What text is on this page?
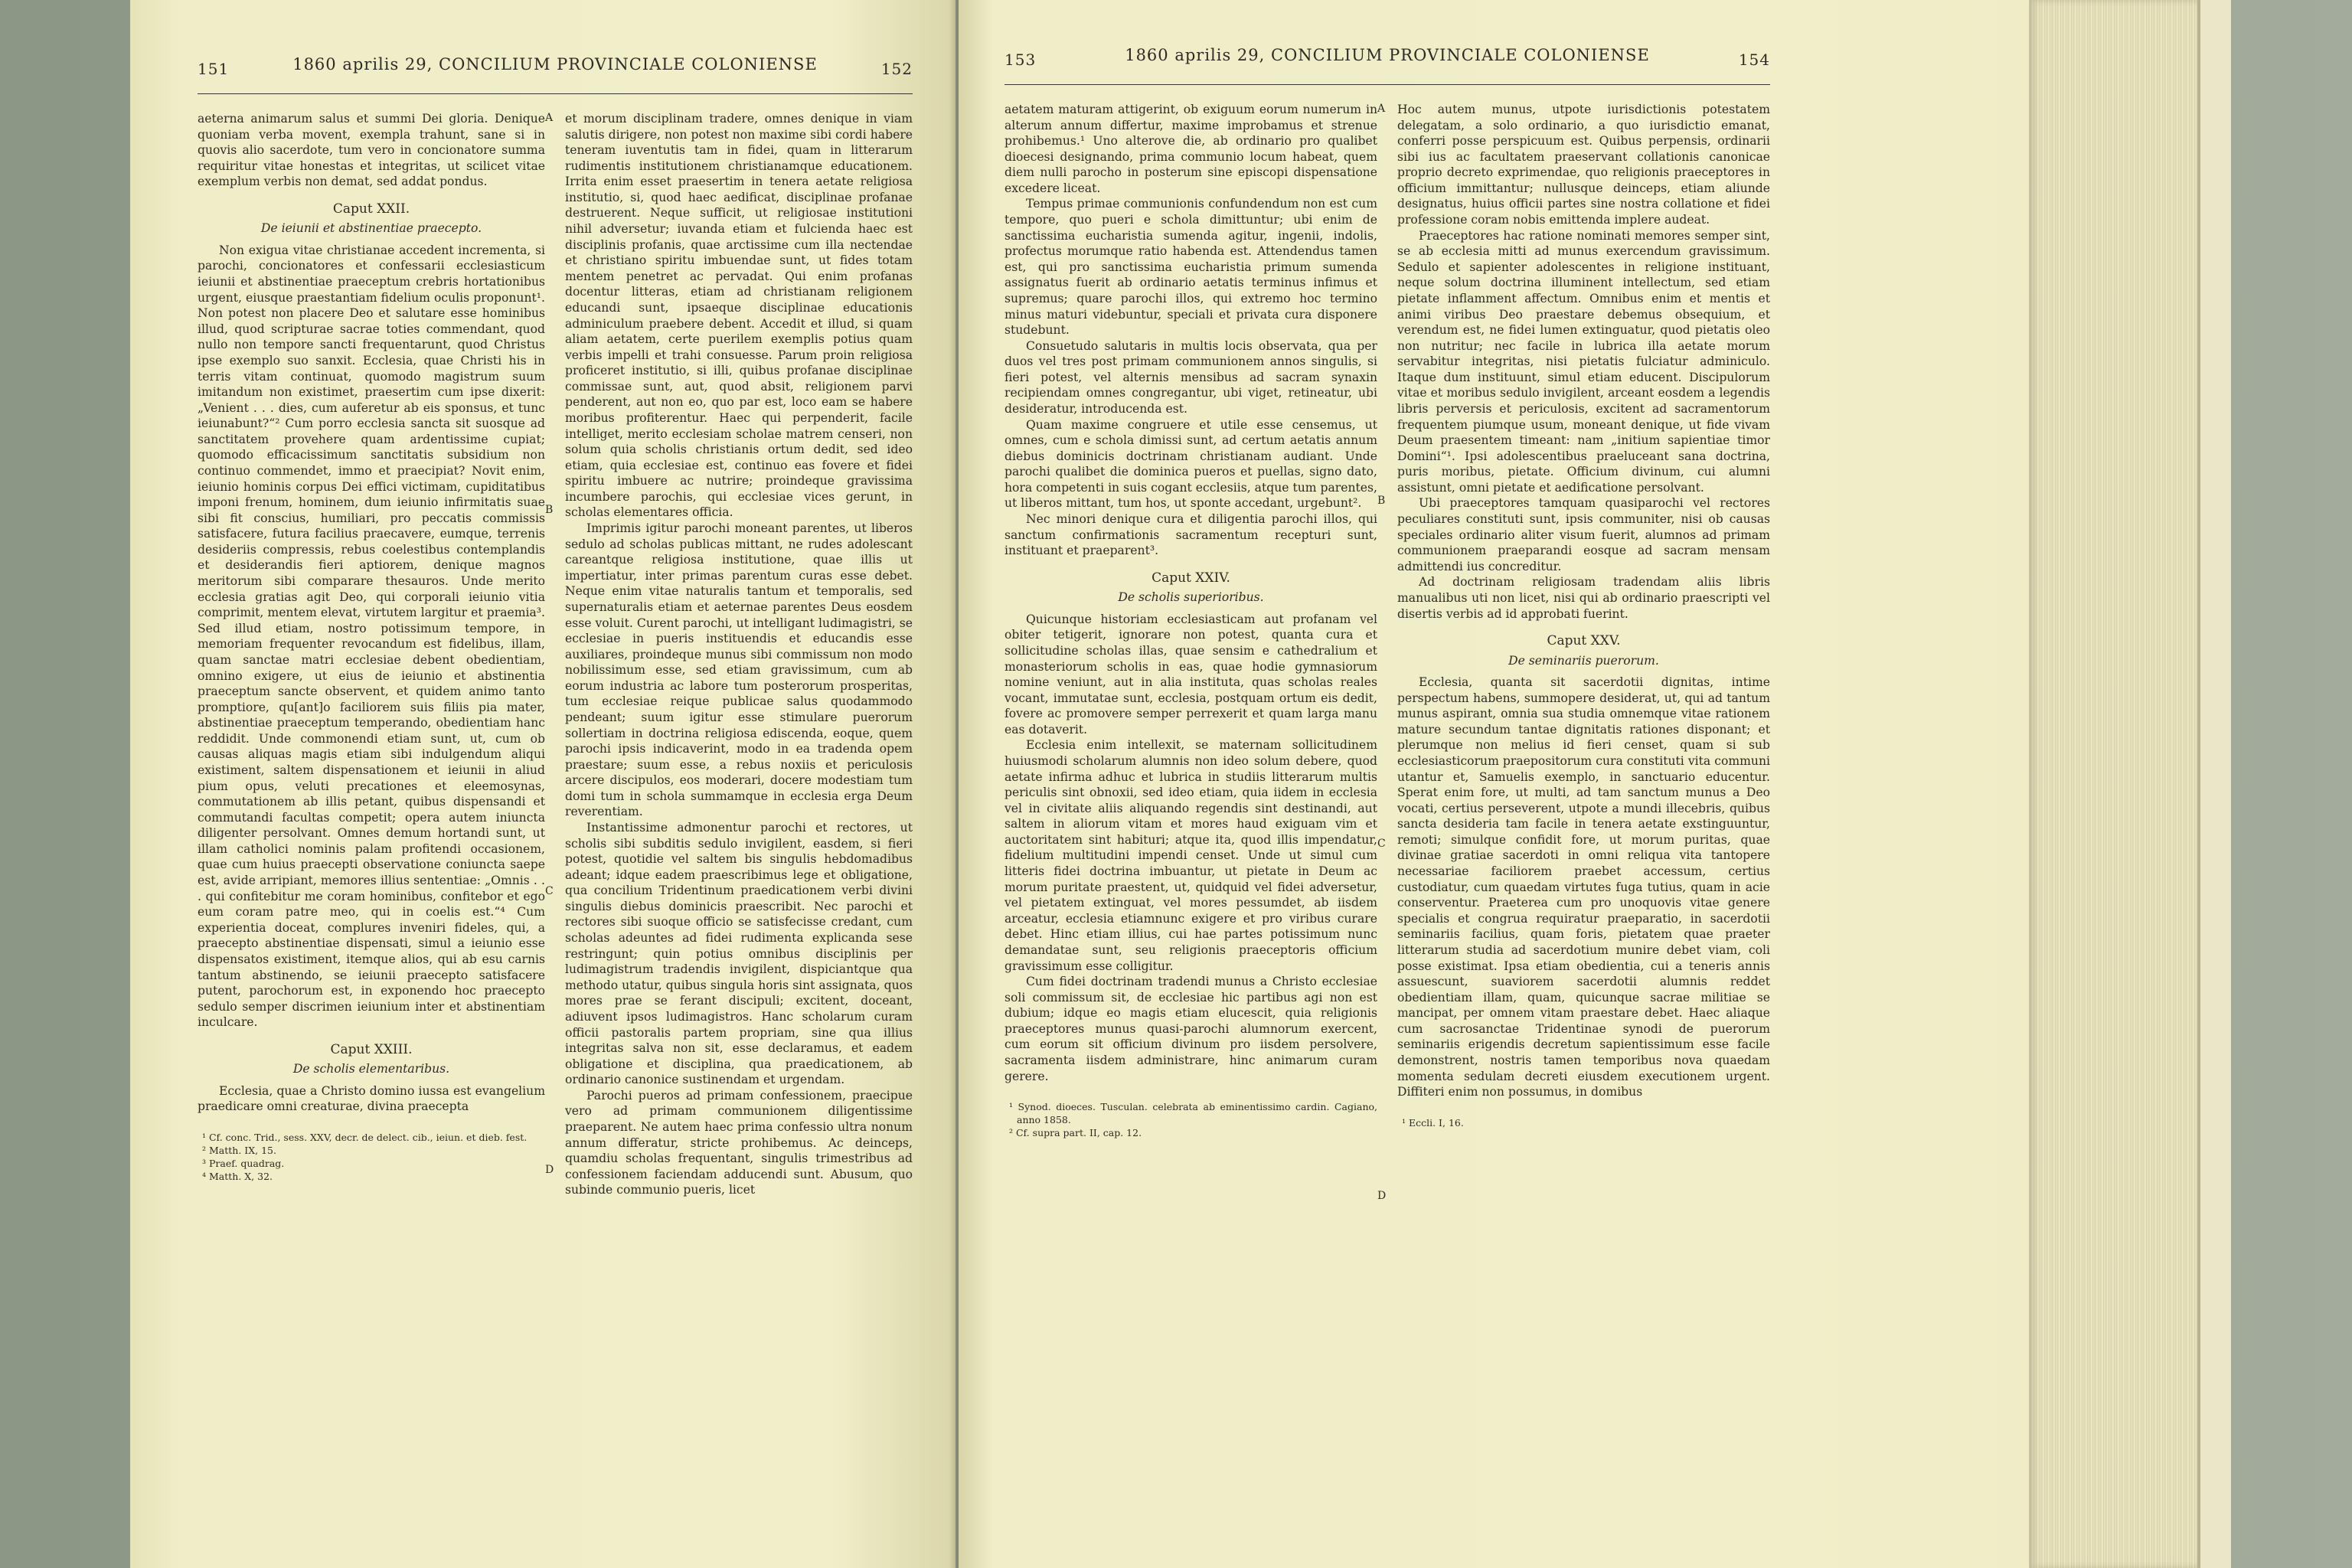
151	1860 aprilis 29, CONCILIUM PROVINCIALE COLONIENSE	152

aeterna animarum salus et summi Dei gloria. Denique quoniam verba movent, exempla trahunt, sane si in quovis alio sacerdote, tum vero in concionatore summa requiritur vitae honestas et integritas, ut scilicet vitae exemplum verbis non demat, sed addat pondus.

Caput XXII.
De ieiunii et abstinentiae praecepto.

Non exigua vitae christianae accedent incrementa, si parochi, concionatores et confessarii ecclesiasticum ieiunii et abstinentiae praeceptum crebris hortationibus urgent, eiusque praestantiam fidelium oculis proponunt¹. Non potest non placere Deo et salutare esse hominibus illud, quod scripturae sacrae toties commendant, quod nullo non tempore sancti frequentarunt, quod Christus ipse exemplo suo sanxit. Ecclesia, quae Christi his in terris vitam continuat, quomodo magistrum suum imitandum non existimet, praesertim cum ipse dixerit: „Venient . . . dies, cum auferetur ab eis sponsus, et tunc ieiunabunt?“² Cum porro ecclesia sancta sit suosque ad sanctitatem provehere quam ardentissime cupiat; quomodo efficacissimum sanctitatis subsidium non continuo commendet, immo et praecipiat? Novit enim, ieiunio hominis corpus Dei effici victimam, cupiditatibus imponi frenum, hominem, dum ieiunio infirmitatis suae sibi fit conscius, humiliari, pro peccatis commissis satisfacere, futura facilius praecavere, eumque, terrenis desideriis compressis, rebus coelestibus contemplandis et desiderandis fieri aptiorem, denique magnos meritorum sibi comparare thesauros. Unde merito ecclesia gratias agit Deo, qui corporali ieiunio vitia comprimit, mentem elevat, virtutem largitur et praemia³. Sed illud etiam, nostro potissimum tempore, in memoriam frequenter revocandum est fidelibus, illam, quam sanctae matri ecclesiae debent obedientiam, omnino exigere, ut eius de ieiunio et abstinentia praeceptum sancte observent, et quidem animo tanto promptiore, qu[ant]o faciliorem suis filiis pia mater, abstinentiae praeceptum temperando, obedientiam hanc reddidit. Unde commonendi etiam sunt, ut, cum ob causas aliquas magis etiam sibi indulgendum aliqui existiment, saltem dispensationem et ieiunii in aliud pium opus, veluti precationes et eleemosynas, commutationem ab illis petant, quibus dispensandi et commutandi facultas competit; opera autem iniuncta diligenter persolvant. Omnes demum hortandi sunt, ut illam catholici nominis palam profitendi occasionem, quae cum huius praecepti observatione coniuncta saepe est, avide arripiant, memores illius sententiae: „Omnis . . . qui confitebitur me coram hominibus, confitebor et ego eum coram patre meo, qui in coelis est.“⁴ Cum experientia doceat, complures inveniri fideles, qui, a praecepto abstinentiae dispensati, simul a ieiunio esse dispensatos existiment, itemque alios, qui ab esu carnis tantum abstinendo, se ieiunii praecepto satisfacere putent, parochorum est, in exponendo hoc praecepto sedulo semper discrimen ieiunium inter et abstinentiam inculcare.

Caput XXIII.
De scholis elementaribus.

Ecclesia, quae a Christo domino iussa est evangelium praedicare omni creaturae, divina praecepta

¹ Cf. conc. Trid., sess. XXV, decr. de delect. cib., ieiun. et dieb. fest.
² Matth. IX, 15.
³ Praef. quadrag.
⁴ Matth. X, 32.
A
B
C
D

et morum disciplinam tradere, omnes denique in viam salutis dirigere, non potest non maxime sibi cordi habere teneram iuventutis tam in fidei, quam in litterarum rudimentis institutionem christianamque educationem. Irrita enim esset praesertim in tenera aetate religiosa institutio, si, quod haec aedificat, disciplinae profanae destruerent. Neque sufficit, ut religiosae institutioni nihil adversetur; iuvanda etiam et fulcienda haec est disciplinis profanis, quae arctissime cum illa nectendae et christiano spiritu imbuendae sunt, ut fides totam mentem penetret ac pervadat. Qui enim profanas docentur litteras, etiam ad christianam religionem educandi sunt, ipsaeque disciplinae educationis adminiculum praebere debent. Accedit et illud, si quam aliam aetatem, certe puerilem exemplis potius quam verbis impelli et trahi consuesse. Parum proin religiosa proficeret institutio, si illi, quibus profanae disciplinae commissae sunt, aut, quod absit, religionem parvi penderent, aut non eo, quo par est, loco eam se habere moribus profiterentur. Haec qui perpenderit, facile intelliget, merito ecclesiam scholae matrem censeri, non solum quia scholis christianis ortum dedit, sed ideo etiam, quia ecclesiae est, continuo eas fovere et fidei spiritu imbuere ac nutrire; proindeque gravissima incumbere parochis, qui ecclesiae vices gerunt, in scholas elementares officia.

Imprimis igitur parochi moneant parentes, ut liberos sedulo ad scholas publicas mittant, ne rudes adolescant careantque religiosa institutione, quae illis ut impertiatur, inter primas parentum curas esse debet. Neque enim vitae naturalis tantum et temporalis, sed supernaturalis etiam et aeternae parentes Deus eosdem esse voluit. Curent parochi, ut intelligant ludimagistri, se ecclesiae in pueris instituendis et educandis esse auxiliares, proindeque munus sibi commissum non modo nobilissimum esse, sed etiam gravissimum, cum ab eorum industria ac labore tum posterorum prosperitas, tum ecclesiae reique publicae salus quodammodo pendeant; suum igitur esse stimulare puerorum sollertiam in doctrina religiosa ediscenda, eoque, quem parochi ipsis indicaverint, modo in ea tradenda opem praestare; suum esse, a rebus noxiis et periculosis arcere discipulos, eos moderari, docere modestiam tum domi tum in schola summamque in ecclesia erga Deum reverentiam.

Instantissime admonentur parochi et rectores, ut scholis sibi subditis sedulo invigilent, easdem, si fieri potest, quotidie vel saltem bis singulis hebdomadibus adeant; idque eadem praescribimus lege et obligatione, qua concilium Tridentinum praedicationem verbi divini singulis diebus dominicis praescribit. Nec parochi et rectores sibi suoque officio se satisfecisse credant, cum scholas adeuntes ad fidei rudimenta explicanda sese restringunt; quin potius omnibus disciplinis per ludimagistrum tradendis invigilent, dispiciantque qua methodo utatur, quibus singula horis sint assignata, quos mores prae se ferant discipuli; excitent, doceant, adiuvent ipsos ludimagistros. Hanc scholarum curam officii pastoralis partem propriam, sine qua illius integritas salva non sit, esse declaramus, et eadem obligatione et disciplina, qua praedicationem, ab ordinario canonice sustinendam et urgendam.

Parochi pueros ad primam confessionem, praecipue vero ad primam communionem diligentissime praeparent. Ne autem haec prima confessio ultra nonum annum differatur, stricte prohibemus. Ac deinceps, quamdiu scholas frequentant, singulis trimestribus ad confessionem faciendam adducendi sunt. Abusum, quo subinde communio pueris, licet

153	1860 aprilis 29, CONCILIUM PROVINCIALE COLONIENSE	154

aetatem maturam attigerint, ob exiguum eorum numerum in alterum annum differtur, maxime improbamus et strenue prohibemus.¹ Uno alterove die, ab ordinario pro qualibet dioecesi designando, prima communio locum habeat, quem diem nulli parocho in posterum sine episcopi dispensatione excedere liceat.

Tempus primae communionis confundendum non est cum tempore, quo pueri e schola dimittuntur; ubi enim de sanctissima eucharistia sumenda agitur, ingenii, indolis, profectus morumque ratio habenda est. Attendendus tamen est, qui pro sanctissima eucharistia primum sumenda assignatus fuerit ab ordinario aetatis terminus infimus et supremus; quare parochi illos, qui extremo hoc termino minus maturi videbuntur, speciali et privata cura disponere studebunt.

Consuetudo salutaris in multis locis observata, qua per duos vel tres post primam communionem annos singulis, si fieri potest, vel alternis mensibus ad sacram synaxin recipiendam omnes congregantur, ubi viget, retineatur, ubi desideratur, introducenda est.

Quam maxime congruere et utile esse censemus, ut omnes, cum e schola dimissi sunt, ad certum aetatis annum diebus dominicis doctrinam christianam audiant. Unde parochi qualibet die dominica pueros et puellas, signo dato, hora competenti in suis cogant ecclesiis, atque tum parentes, ut liberos mittant, tum hos, ut sponte accedant, urgebunt².

Nec minori denique cura et diligentia parochi illos, qui sanctum confirmationis sacramentum recepturi sunt, instituant et praeparent³.

Caput XXIV.
De scholis superioribus.

Quicunque historiam ecclesiasticam aut profanam vel obiter tetigerit, ignorare non potest, quanta cura et sollicitudine scholas illas, quae sensim e cathedralium et monasteriorum scholis in eas, quae hodie gymnasiorum nomine veniunt, aut in alia instituta, quas scholas reales vocant, immutatae sunt, ecclesia, postquam ortum eis dedit, fovere ac promovere semper perrexerit et quam larga manu eas dotaverit.

Ecclesia enim intellexit, se maternam sollicitudinem huiusmodi scholarum alumnis non ideo solum debere, quod aetate infirma adhuc et lubrica in studiis litterarum multis periculis sint obnoxii, sed ideo etiam, quia iidem in ecclesia vel in civitate aliis aliquando regendis sint destinandi, aut saltem in aliorum vitam et mores haud exiguam vim et auctoritatem sint habituri; atque ita, quod illis impendatur, fidelium multitudini impendi censet. Unde ut simul cum litteris fidei doctrina imbuantur, ut pietate in Deum ac morum puritate praestent, ut, quidquid vel fidei adversetur, vel pietatem extinguat, vel mores pessumdet, ab iisdem arceatur, ecclesia etiamnunc exigere et pro viribus curare debet. Hinc etiam illius, cui hae partes potissimum nunc demandatae sunt, seu religionis praeceptoris officium gravissimum esse colligitur.

Cum fidei doctrinam tradendi munus a Christo ecclesiae soli commissum sit, de ecclesiae hic partibus agi non est dubium; idque eo magis etiam elucescit, quia religionis praeceptores munus quasi-parochi alumnorum exercent, cum eorum sit officium divinum pro iisdem persolvere, sacramenta iisdem administrare, hinc animarum curam gerere.

¹ Synod. dioeces. Tusculan. celebrata ab eminentissimo cardin. Cagiano, anno 1858.
² Cf. supra part. II, cap. 12.
A
B
C
D

Hoc autem munus, utpote iurisdictionis potestatem delegatam, a solo ordinario, a quo iurisdictio emanat, conferri posse perspicuum est. Quibus perpensis, ordinarii sibi ius ac facultatem praeservant collationis canonicae proprio decreto exprimendae, quo religionis praeceptores in officium immittantur; nullusque deinceps, etiam aliunde designatus, huius officii partes sine nostra collatione et fidei professione coram nobis emittenda implere audeat.

Praeceptores hac ratione nominati memores semper sint, se ab ecclesia mitti ad munus exercendum gravissimum. Sedulo et sapienter adolescentes in religione instituant, neque solum doctrina illuminent intellectum, sed etiam pietate inflamment affectum. Omnibus enim et mentis et animi viribus Deo praestare debemus obsequium, et verendum est, ne fidei lumen extinguatur, quod pietatis oleo non nutritur; nec facile in lubrica illa aetate morum servabitur integritas, nisi pietatis fulciatur adminiculo. Itaque dum instituunt, simul etiam educent. Discipulorum vitae et moribus sedulo invigilent, arceant eosdem a legendis libris perversis et periculosis, excitent ad sacramentorum frequentem piumque usum, moneant denique, ut fide vivam Deum praesentem timeant: nam „initium sapientiae timor Domini“¹. Ipsi adolescentibus praeluceant sana doctrina, puris moribus, pietate. Officium divinum, cui alumni assistunt, omni pietate et aedificatione persolvant.

Ubi praeceptores tamquam quasiparochi vel rectores peculiares constituti sunt, ipsis communiter, nisi ob causas speciales ordinario aliter visum fuerit, alumnos ad primam communionem praeparandi eosque ad sacram mensam admittendi ius concreditur.

Ad doctrinam religiosam tradendam aliis libris manualibus uti non licet, nisi qui ab ordinario praescripti vel disertis verbis ad id approbati fuerint.

Caput XXV.
De seminariis puerorum.

Ecclesia, quanta sit sacerdotii dignitas, intime perspectum habens, summopere desiderat, ut, qui ad tantum munus aspirant, omnia sua studia omnemque vitae rationem mature secundum tantae dignitatis rationes disponant; et plerumque non melius id fieri censet, quam si sub ecclesiasticorum praepositorum cura constituti vita communi utantur et, Samuelis exemplo, in sanctuario educentur. Sperat enim fore, ut multi, ad tam sanctum munus a Deo vocati, certius perseverent, utpote a mundi illecebris, quibus sancta desideria tam facile in tenera aetate exstinguuntur, remoti; simulque confidit fore, ut morum puritas, quae divinae gratiae sacerdoti in omni reliqua vita tantopere necessariae faciliorem praebet accessum, certius custodiatur, cum quaedam virtutes fuga tutius, quam in acie conserventur. Praeterea cum pro unoquovis vitae genere specialis et congrua requiratur praeparatio, in sacerdotii seminariis facilius, quam foris, pietatem quae praeter litterarum studia ad sacerdotium munire debet viam, coli posse existimat. Ipsa etiam obedientia, cui a teneris annis assuescunt, suaviorem sacerdotii alumnis reddet obedientiam illam, quam, quicunque sacrae militiae se mancipat, per omnem vitam praestare debet. Haec aliaque cum sacrosanctae Tridentinae synodi de puerorum seminariis erigendis decretum sapientissimum esse facile demonstrent, nostris tamen temporibus nova quaedam momenta sedulam decreti eiusdem executionem urgent. Diffiteri enim non possumus, in domibus

¹ Eccli. I, 16.
